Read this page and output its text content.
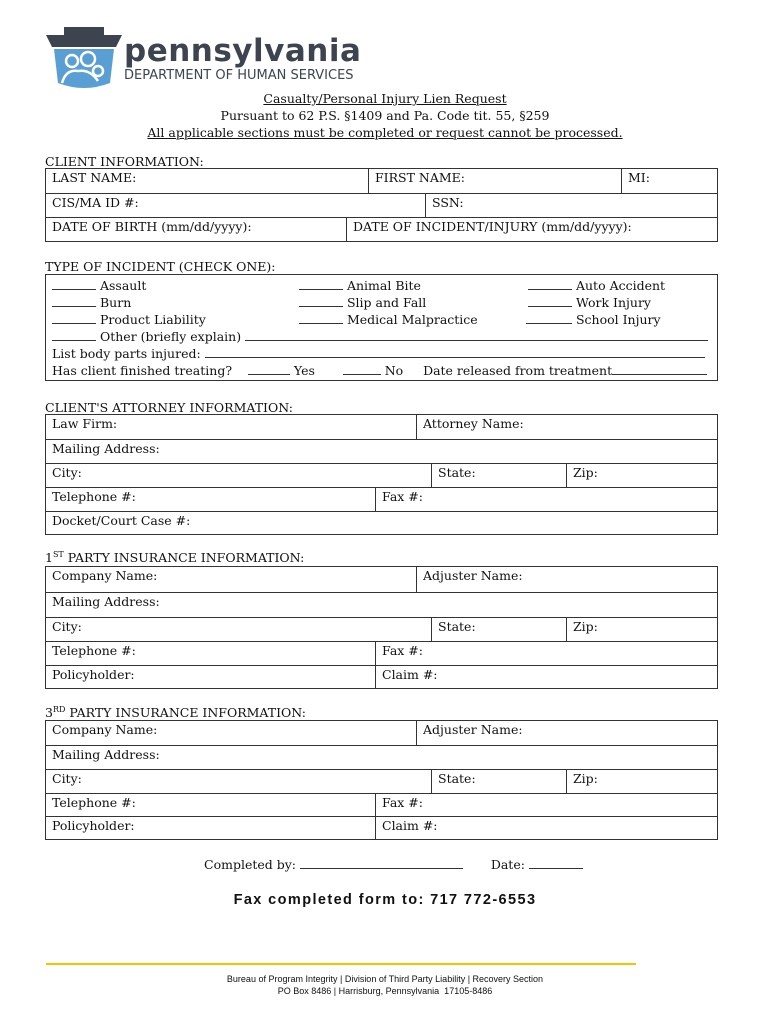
pennsylvania
DEPARTMENT OF HUMAN SERVICES
Casualty/Personal Injury Lien Request
Pursuant to 62 P.S. §1409 and Pa. Code tit. 55, §259
All applicable sections must be completed or request cannot be processed.
CLIENT INFORMATION:
LAST NAME:	FIRST NAME:	MI:
CIS/MA ID #:	SSN:
DATE OF BIRTH (mm/dd/yyyy):	DATE OF INCIDENT/INJURY (mm/dd/yyyy):
TYPE OF INCIDENT (CHECK ONE):
Assault
Burn
Product Liability
Animal Bite
Slip and Fall
Medical Malpractice
Auto Accident
Work Injury
School Injury
Other (briefly explain)
List body parts injured:
Has client finished treating?	Yes	No Date released from treatment
CLIENT'S ATTORNEY INFORMATION:
Law Firm:	Attorney Name:
Mailing Address:
City:	State:	Zip:
Telephone #:	Fax #:
Docket/Court Case #:
1ST PARTY INSURANCE INFORMATION:
Company Name:	Adjuster Name:
Mailing Address:
City:	State:	Zip:
Telephone #:	Fax #:
Policyholder:	Claim #:
3RD PARTY INSURANCE INFORMATION:
Company Name:	Adjuster Name:
Mailing Address:
City:	State:	Zip:
Telephone #:	Fax #:
Policyholder:	Claim #:
Completed by:	Date:
Fax completed form to: 717 772-6553
Bureau of Program Integrity | Division of Third Party Liability | Recovery Section
PO Box 8486 | Harrisburg, Pennsylvania  17105-8486
